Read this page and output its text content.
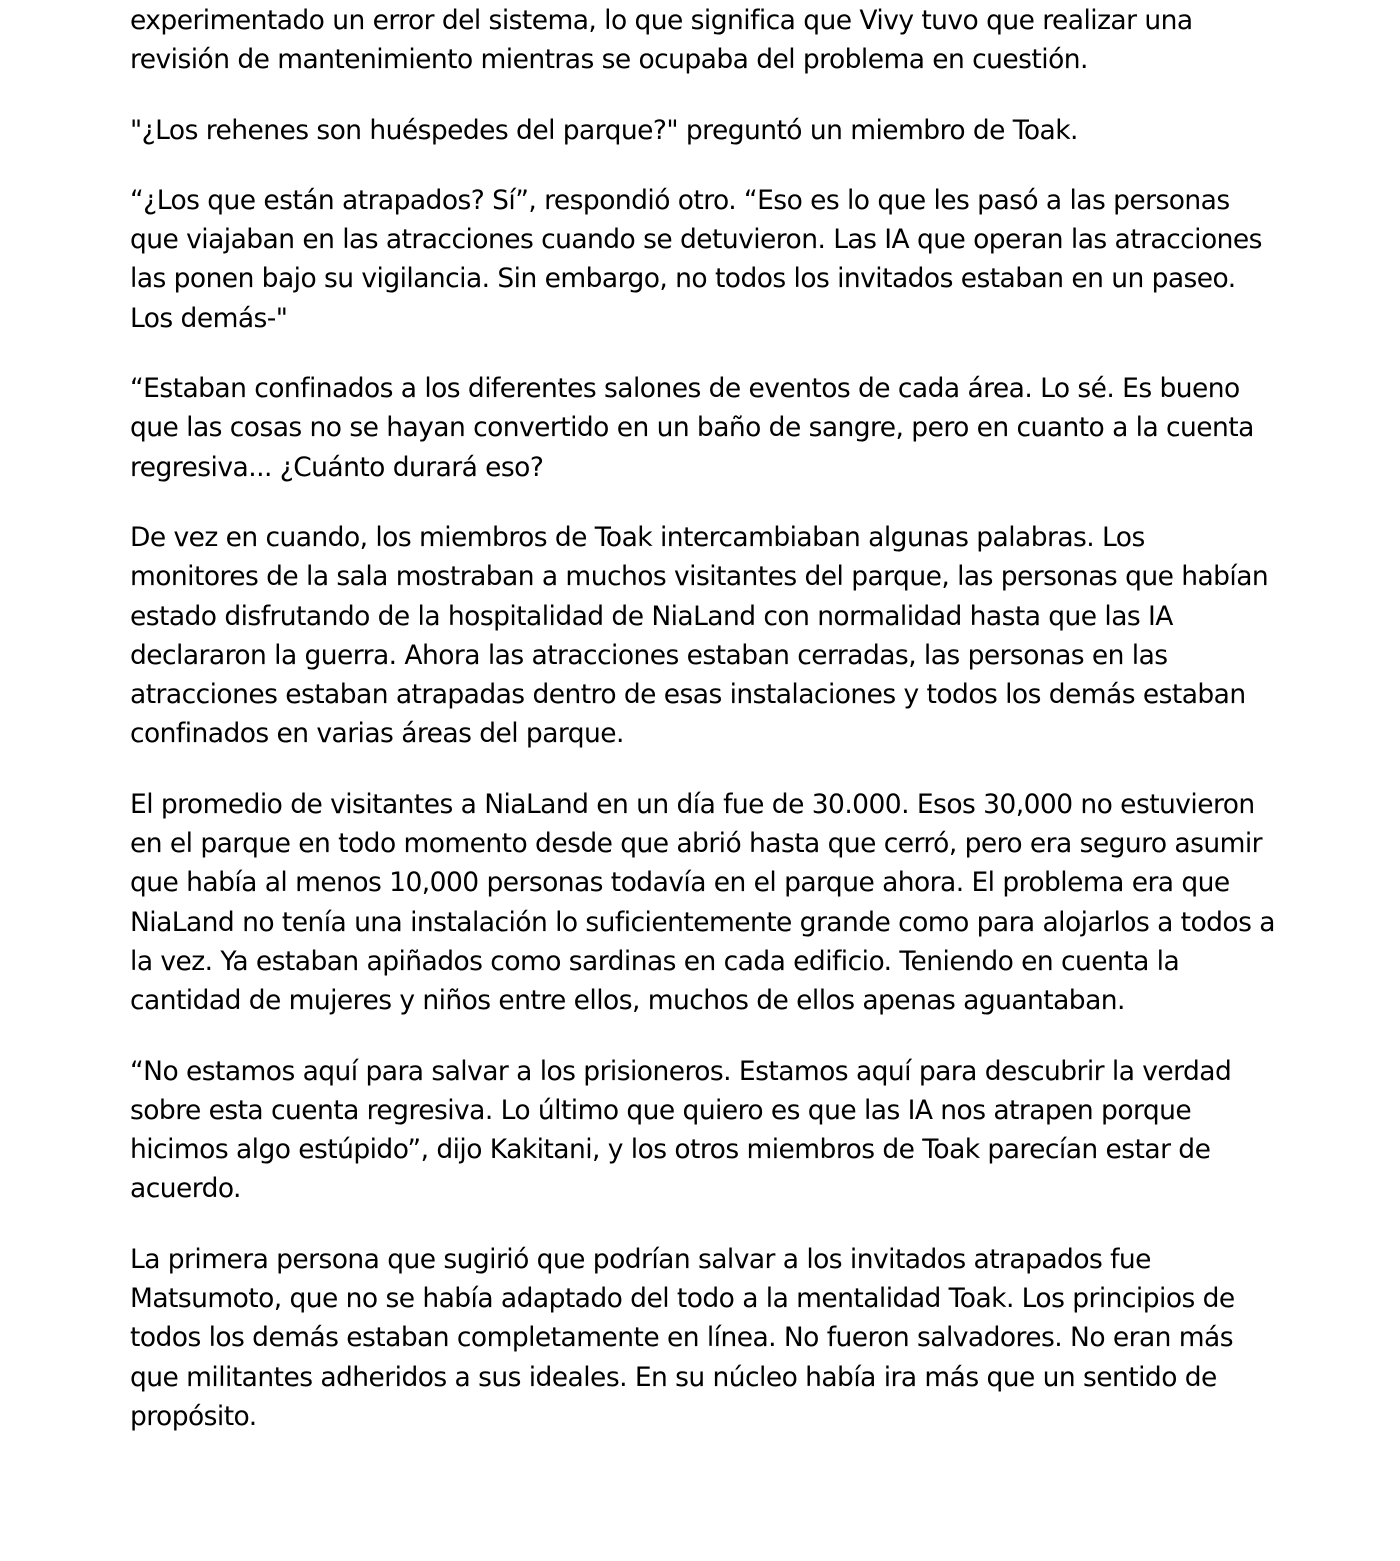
experimentado un error del sistema, lo que significa que Vivy tuvo que realizar una revisión de mantenimiento mientras se ocupaba del problema en cuestión.

"¿Los rehenes son huéspedes del parque?" preguntó un miembro de Toak.

“¿Los que están atrapados? Sí”, respondió otro. “Eso es lo que les pasó a las personas que viajaban en las atracciones cuando se detuvieron. Las IA que operan las atracciones las ponen bajo su vigilancia. Sin embargo, no todos los invitados estaban en un paseo. Los demás-"

“Estaban confinados a los diferentes salones de eventos de cada área. Lo sé. Es bueno que las cosas no se hayan convertido en un baño de sangre, pero en cuanto a la cuenta regresiva... ¿Cuánto durará eso?

De vez en cuando, los miembros de Toak intercambiaban algunas palabras. Los monitores de la sala mostraban a muchos visitantes del parque, las personas que habían estado disfrutando de la hospitalidad de NiaLand con normalidad hasta que las IA declararon la guerra. Ahora las atracciones estaban cerradas, las personas en las atracciones estaban atrapadas dentro de esas instalaciones y todos los demás estaban confinados en varias áreas del parque.

El promedio de visitantes a NiaLand en un día fue de 30.000. Esos 30,000 no estuvieron en el parque en todo momento desde que abrió hasta que cerró, pero era seguro asumir que había al menos 10,000 personas todavía en el parque ahora. El problema era que NiaLand no tenía una instalación lo suficientemente grande como para alojarlos a todos a la vez. Ya estaban apiñados como sardinas en cada edificio. Teniendo en cuenta la cantidad de mujeres y niños entre ellos, muchos de ellos apenas aguantaban.

“No estamos aquí para salvar a los prisioneros. Estamos aquí para descubrir la verdad sobre esta cuenta regresiva. Lo último que quiero es que las IA nos atrapen porque hicimos algo estúpido”, dijo Kakitani, y los otros miembros de Toak parecían estar de acuerdo.

La primera persona que sugirió que podrían salvar a los invitados atrapados fue Matsumoto, que no se había adaptado del todo a la mentalidad Toak. Los principios de todos los demás estaban completamente en línea. No fueron salvadores. No eran más que militantes adheridos a sus ideales. En su núcleo había ira más que un sentido de propósito.
